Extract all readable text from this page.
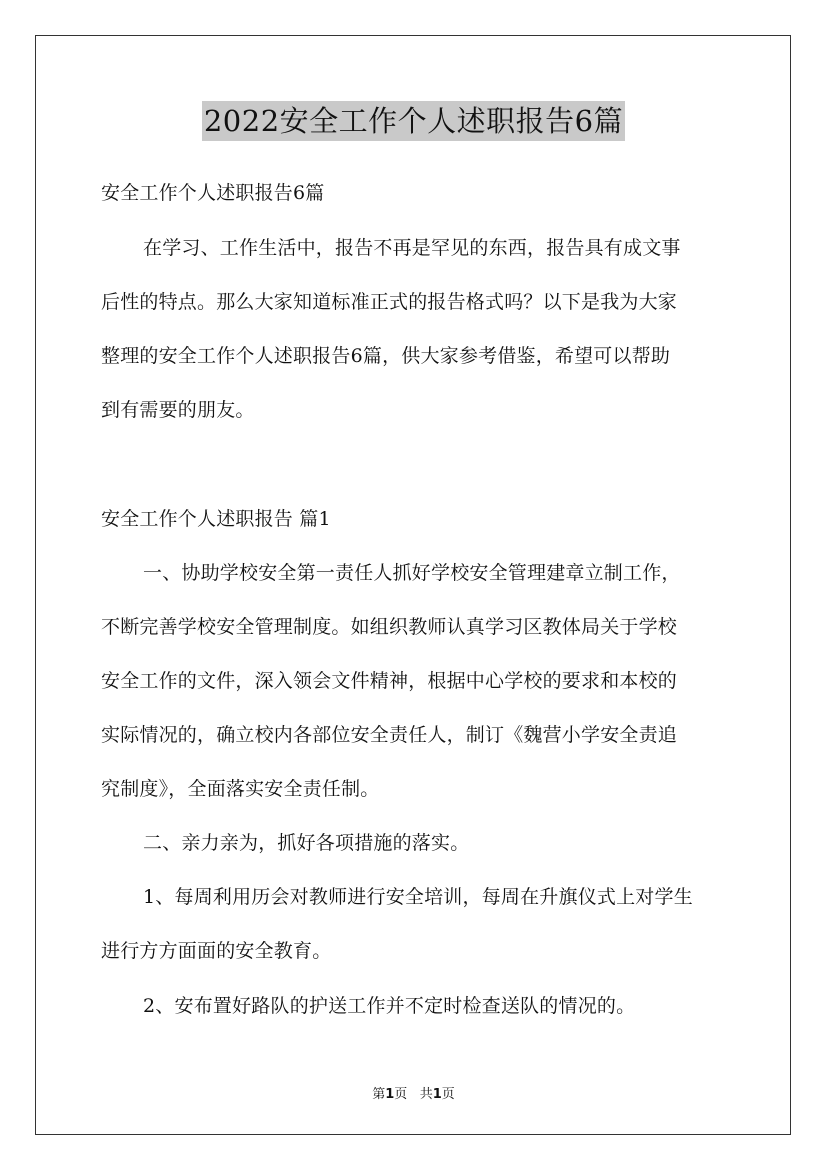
2022安全工作个人述职报告6篇
安全工作个人述职报告6篇
在学习、工作生活中，报告不再是罕见的东西，报告具有成文事
后性的特点。那么大家知道标准正式的报告格式吗？以下是我为大家
整理的安全工作个人述职报告6篇，供大家参考借鉴，希望可以帮助
到有需要的朋友。
安全工作个人述职报告 篇1
一、协助学校安全第一责任人抓好学校安全管理建章立制工作，
不断完善学校安全管理制度。如组织教师认真学习区教体局关于学校
安全工作的文件，深入领会文件精神，根据中心学校的要求和本校的
实际情况的，确立校内各部位安全责任人，制订《魏营小学安全责追
究制度》，全面落实安全责任制。
二、亲力亲为，抓好各项措施的落实。
1、每周利用历会对教师进行安全培训，每周在升旗仪式上对学生
进行方方面面的安全教育。
2、安布置好路队的护送工作并不定时检查送队的情况的。
第1页 共1页
